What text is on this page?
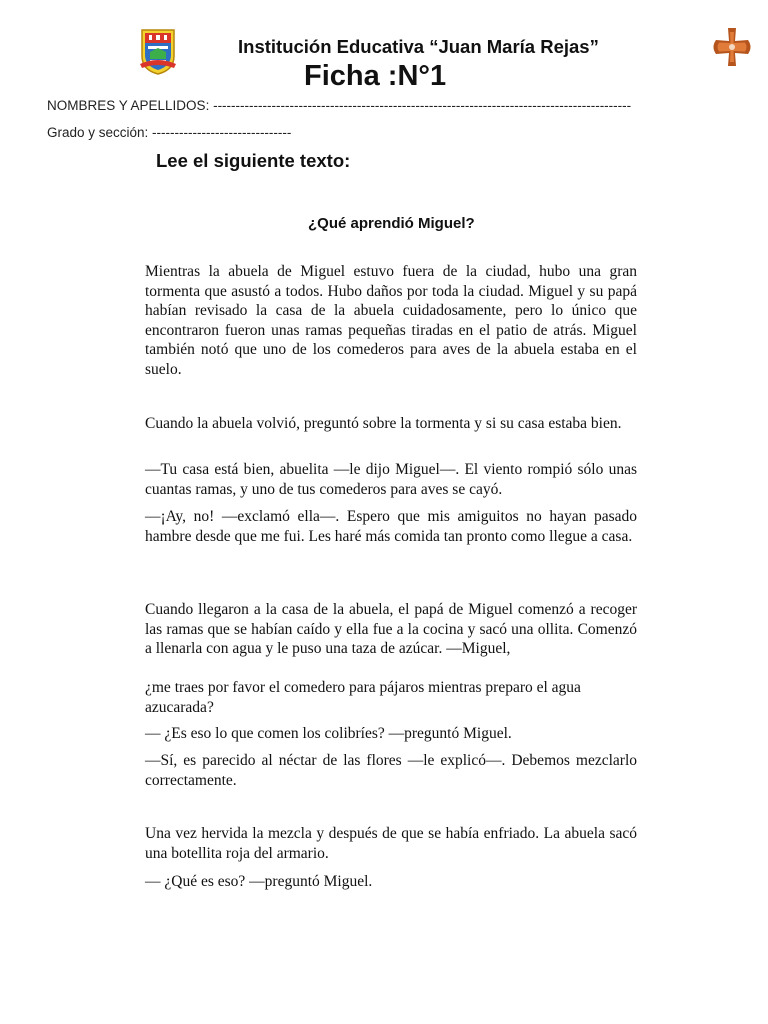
Institución Educativa “Juan María Rejas”
Ficha :N°1
NOMBRES Y APELLIDOS: ---------------------------------------------------------------------------------------------
Grado y sección: -------------------------------
Lee el siguiente texto:
¿Qué aprendió Miguel?

Mientras la abuela de Miguel estuvo fuera de la ciudad, hubo una gran tormenta que asustó a todos. Hubo daños por toda la ciudad. Miguel y su papá habían revisado la casa de la abuela cuidadosamente, pero lo único que encontraron fueron unas ramas pequeñas tiradas en el patio de atrás. Miguel también notó que uno de los comederos para aves de la abuela estaba en el suelo.

Cuando la abuela volvió, preguntó sobre la tormenta y si su casa estaba bien.

—Tu casa está bien, abuelita —le dijo Miguel—. El viento rompió sólo unas cuantas ramas, y uno de tus comederos para aves se cayó.

—¡Ay, no! —exclamó ella—. Espero que mis amiguitos no hayan pasado hambre desde que me fui. Les haré más comida tan pronto como llegue a casa.

Cuando llegaron a la casa de la abuela, el papá de Miguel comenzó a recoger las ramas que se habían caído y ella fue a la cocina y sacó una ollita. Comenzó a llenarla con agua y le puso una taza de azúcar. —Miguel,

¿me traes por favor el comedero para pájaros mientras preparo el agua azucarada?

— ¿Es eso lo que comen los colibríes? —preguntó Miguel.

—Sí, es parecido al néctar de las flores —le explicó—. Debemos mezclarlo correctamente.

Una vez hervida la mezcla y después de que se había enfriado. La abuela sacó una botellita roja del armario.

— ¿Qué es eso? —preguntó Miguel.
